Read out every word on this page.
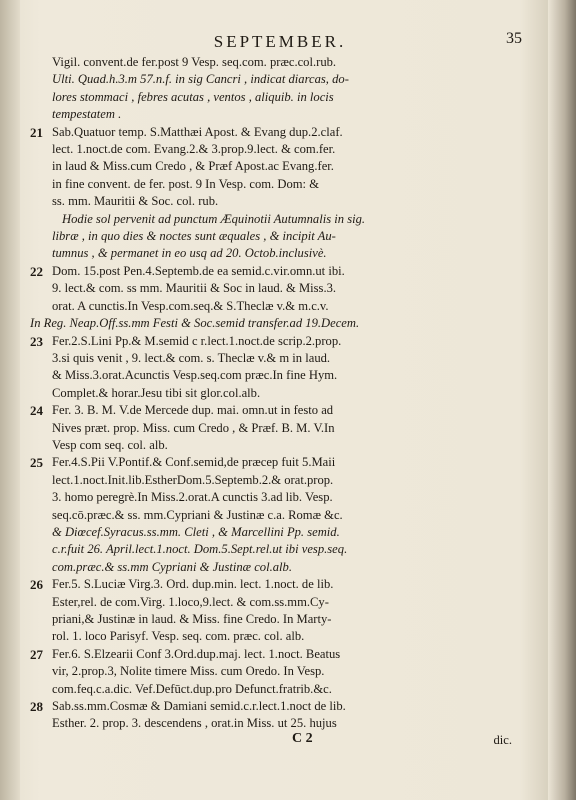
SEPTEMBER.	35
Vigil. convent.de fer.post 9 Vesp. seq.com. præc.col.rub.
Ulti. Quad.h.3.m 57.n.f. in sig Cancri , indicat diarcas, do-
lores stommaci , febres acutas , ventos , aliquib. in locis
tempestatem .
21 Sab.Quatuor temp. S.Matthæi Apost. & Evang dup.2.claf.
lect. 1.noct.de com. Evang.2.& 3.prop.9.lect. & com.fer.
in laud & Miss.cum Credo , & Præf Apost.ac Evang.fer.
in fine convent. de fer. post. 9 In Vesp. com. Dom: &
ss. mm. Mauritii & Soc. col. rub.
Hodie sol pervenit ad punctum Æquinotii Autumnalis in sig.
libræ , in quo dies & noctes sunt æquales , & incipit Au-
tumnus , & permanet in eo usq ad 20. Octob.inclusivè.
22 Dom. 15.post Pen.4.Septemb.de ea semid.c.vir.omn.ut ibi.
9. lect.& com. ss mm. Mauritii & Soc in laud. & Miss.3.
orat. A cunctis.In Vesp.com.seq.& S.Theclæ v.& m.c.v.
In Reg. Neap.Off.ss.mm Festi & Soc.semid transfer.ad 19.Decem.
23 Fer.2.S.Lini Pp.& M.semid c r.lect.1.noct.de scrip.2.prop.
3.si quis venit , 9. lect.& com. s. Theclæ v.& m in laud.
& Miss.3.orat.Acunctis Vesp.seq.com præc.In fine Hym.
Complet.& horar.Jesu tibi sit glor.col.alb.
24 Fer. 3. B. M. V.de Mercede dup. mai. omn.ut in festo ad
Nives præt. prop. Miss. cum Credo , & Præf. B. M. V.In
Vesp com seq. col. alb.
25 Fer.4.S.Pii V.Pontif.& Conf.semid,de præcep fuit 5.Maii
lect.1.noct.Init.lib.EstherDom.5.Septemb.2.& orat.prop.
3. homo peregrè.In Miss.2.orat.A cunctis 3.ad lib. Vesp.
seq.cō.præc.& ss. mm.Cypriani & Justinæ c.a. Romæ &c.
& Diœcef.Syracus.ss.mm. Cleti , & Marcellini Pp. semid.
c.r.fuit 26. April.lect.1.noct. Dom.5.Sept.rel.ut ibi vesp.seq.
com.præc.& ss.mm Cypriani & Justinæ col.alb.
26 Fer.5. S.Luciæ Virg.3. Ord. dup.min. lect. 1.noct. de lib.
Ester,rel. de com.Virg. 1.loco,9.lect. & com.ss.mm.Cy-
priani,& Justinæ in laud. & Miss. fine Credo. In Marty-
rol. 1. loco Parisyf. Vesp. seq. com. præc. col. alb.
27 Fer.6. S.Elzearii Conf 3.Ord.dup.maj. lect. 1.noct. Beatus
vir, 2.prop.3, Nolite timere Miss. cum Oredo. In Vesp.
com.feq.c.a.dic. Vef.Defūct.dup.pro Defunct.fratrib.&c.
28 Sab.ss.mm.Cosmæ & Damiani semid.c.r.lect.1.noct de lib.
Esther. 2. prop. 3. descendens , orat.in Miss. ut 25. hujus
C 2	dic.
